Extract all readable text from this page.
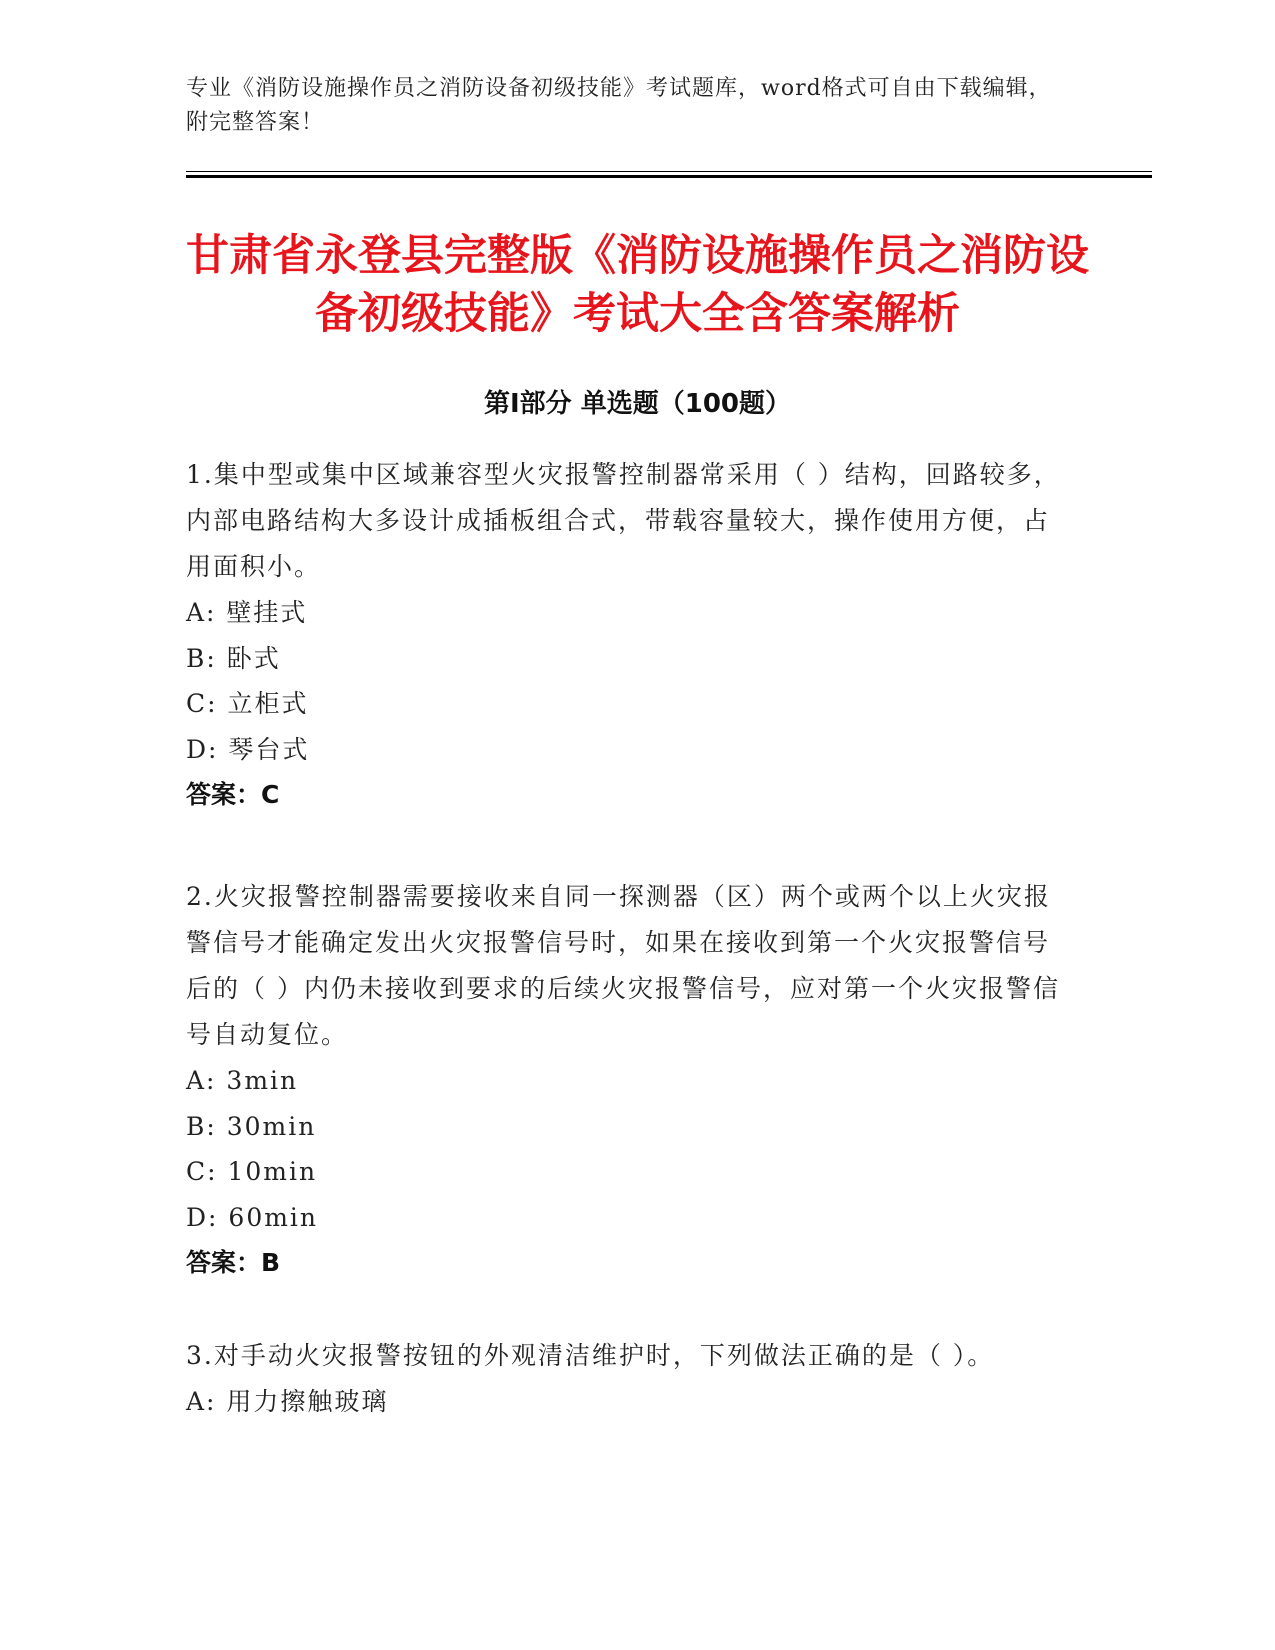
专业《消防设施操作员之消防设备初级技能》考试题库，word格式可自由下载编辑，附完整答案！
甘肃省永登县完整版《消防设施操作员之消防设备初级技能》考试大全含答案解析
第Ⅰ部分 单选题（100题）
1.集中型或集中区域兼容型火灾报警控制器常采用（ ）结构，回路较多，内部电路结构大多设计成插板组合式，带载容量较大，操作使用方便，占用面积小。
A: 壁挂式
B: 卧式
C: 立柜式
D: 琴台式
答案：C
2.火灾报警控制器需要接收来自同一探测器（区）两个或两个以上火灾报警信号才能确定发出火灾报警信号时，如果在接收到第一个火灾报警信号后的（ ）内仍未接收到要求的后续火灾报警信号，应对第一个火灾报警信号自动复位。
A: 3min
B: 30min
C: 10min
D: 60min
答案：B
3.对手动火灾报警按钮的外观清洁维护时，下列做法正确的是（ ）。
A: 用力擦触玻璃
